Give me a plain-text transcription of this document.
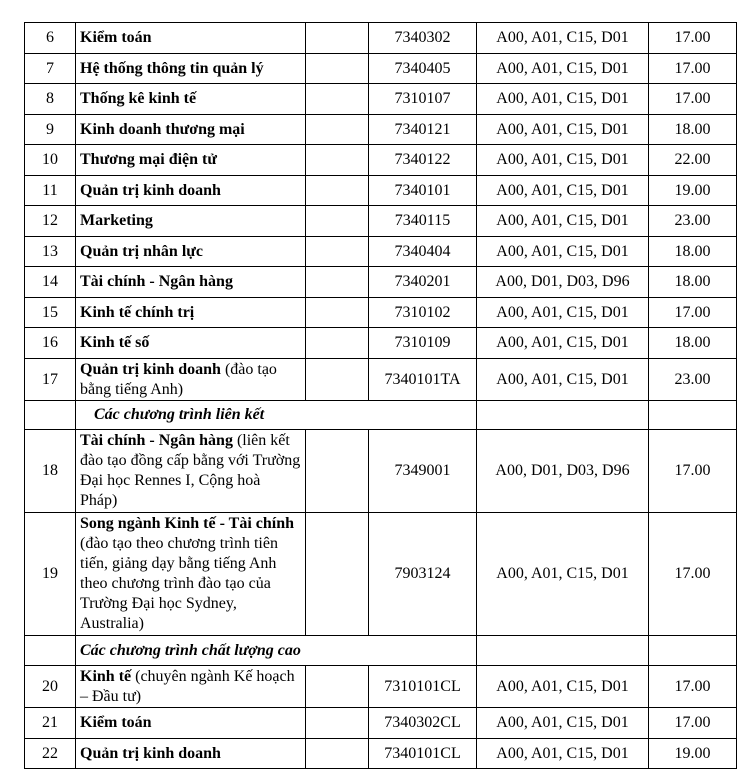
6	Kiểm toán		7340302	A00, A01, C15, D01	17.00
7	Hệ thống thông tin quản lý		7340405	A00, A01, C15, D01	17.00
8	Thống kê kinh tế		7310107	A00, A01, C15, D01	17.00
9	Kinh doanh thương mại		7340121	A00, A01, C15, D01	18.00
10	Thương mại điện tử		7340122	A00, A01, C15, D01	22.00
11	Quản trị kinh doanh		7340101	A00, A01, C15, D01	19.00
12	Marketing		7340115	A00, A01, C15, D01	23.00
13	Quản trị nhân lực		7340404	A00, A01, C15, D01	18.00
14	Tài chính - Ngân hàng		7340201	A00, D01, D03, D96	18.00
15	Kinh tế chính trị		7310102	A00, A01, C15, D01	17.00
16	Kinh tế số		7310109	A00, A01, C15, D01	18.00
17	Quản trị kinh doanh (đào tạo bằng tiếng Anh)		7340101TA	A00, A01, C15, D01	23.00
	Các chương trình liên kết				
18	Tài chính - Ngân hàng (liên kết đào tạo đồng cấp bằng với Trường Đại học Rennes I, Cộng hoà Pháp)		7349001	A00, D01, D03, D96	17.00
19	Song ngành Kinh tế - Tài chính (đào tạo theo chương trình tiên tiến, giảng dạy bằng tiếng Anh theo chương trình đào tạo của Trường Đại học Sydney, Australia)		7903124	A00, A01, C15, D01	17.00
	Các chương trình chất lượng cao				
20	Kinh tế (chuyên ngành Kế hoạch – Đầu tư)		7310101CL	A00, A01, C15, D01	17.00
21	Kiểm toán		7340302CL	A00, A01, C15, D01	17.00
22	Quản trị kinh doanh		7340101CL	A00, A01, C15, D01	19.00
